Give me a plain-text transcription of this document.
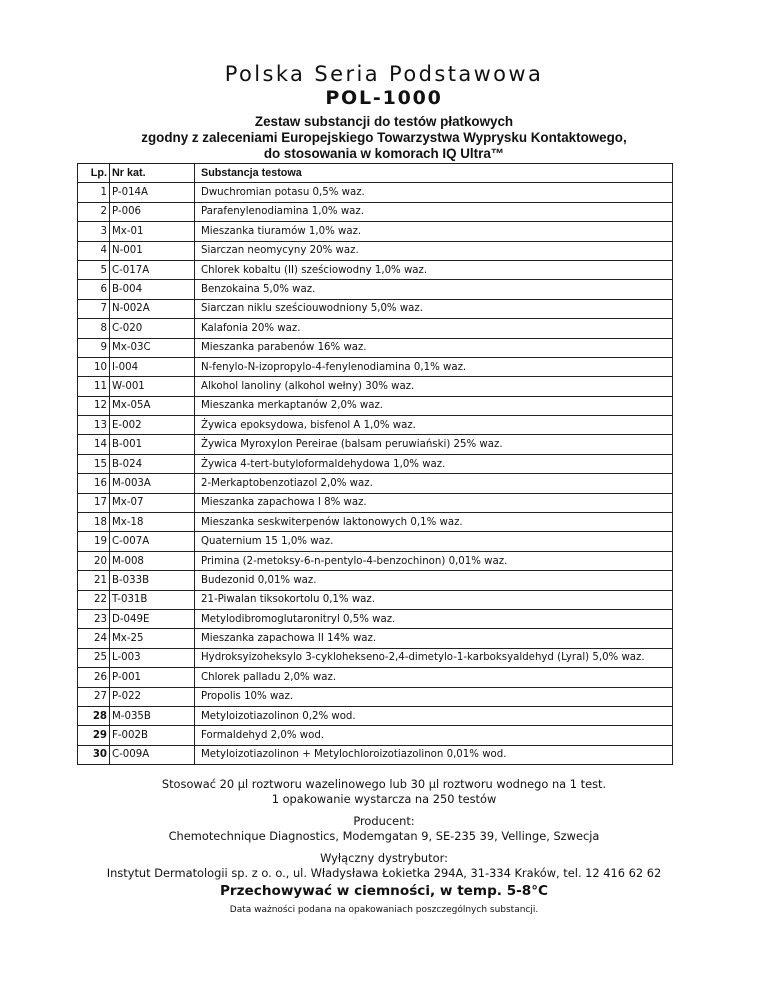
Polska Seria Podstawowa
POL-1000
Zestaw substancji do testów płatkowych
zgodny z zaleceniami Europejskiego Towarzystwa Wyprysku Kontaktowego,
do stosowania w komorach IQ Ultra™
Lp.	Nr kat.	Substancja testowa
1	P-014A	Dwuchromian potasu 0,5% waz.
2	P-006	Parafenylenodiamina 1,0% waz.
3	Mx-01	Mieszanka tiuramów 1,0% waz.
4	N-001	Siarczan neomycyny 20% waz.
5	C-017A	Chlorek kobaltu (II) sześciowodny 1,0% waz.
6	B-004	Benzokaina 5,0% waz.
7	N-002A	Siarczan niklu sześciouwodniony 5,0% waz.
8	C-020	Kalafonia 20% waz.
9	Mx-03C	Mieszanka parabenów 16% waz.
10	I-004	N-fenylo-N-izopropylo-4-fenylenodiamina 0,1% waz.
11	W-001	Alkohol lanoliny (alkohol wełny) 30% waz.
12	Mx-05A	Mieszanka merkaptanów 2,0% waz.
13	E-002	Żywica epoksydowa, bisfenol A 1,0% waz.
14	B-001	Żywica Myroxylon Pereirae (balsam peruwiański) 25% waz.
15	B-024	Żywica 4-tert-butyloformaldehydowa 1,0% waz.
16	M-003A	2-Merkaptobenzotiazol 2,0% waz.
17	Mx-07	Mieszanka zapachowa I 8% waz.
18	Mx-18	Mieszanka seskwiterpenów laktonowych 0,1% waz.
19	C-007A	Quaternium 15 1,0% waz.
20	M-008	Primina (2-metoksy-6-n-pentylo-4-benzochinon) 0,01% waz.
21	B-033B	Budezonid 0,01% waz.
22	T-031B	21-Piwalan tiksokortolu 0,1% waz.
23	D-049E	Metylodibromoglutaronitryl 0,5% waz.
24	Mx-25	Mieszanka zapachowa II 14% waz.
25	L-003	Hydroksyizoheksylo 3-cykloheksenо-2,4-dimetylo-1-karboksyaldehyd (Lyral) 5,0% waz.
26	P-001	Chlorek palladu 2,0% waz.
27	P-022	Propolis 10% waz.
28	M-035B	Metyloizotiazolinon 0,2% wod.
29	F-002B	Formaldehyd 2,0% wod.
30	C-009A	Metyloizotiazolinon + Metylochloroizotiazolinon 0,01% wod.
Stosować 20 µl roztworu wazelinowego lub 30 µl roztworu wodnego na 1 test.
1 opakowanie wystarcza na 250 testów
Producent:
Chemotechnique Diagnostics, Modemgatan 9, SE-235 39, Vellinge, Szwecja
Wyłączny dystrybutor:
Instytut Dermatologii sp. z o. o., ul. Władysława Łokietka 294A, 31-334 Kraków, tel. 12 416 62 62
Przechowywać w ciemności, w temp. 5-8°C
Data ważności podana na opakowaniach poszczególnych substancji.
